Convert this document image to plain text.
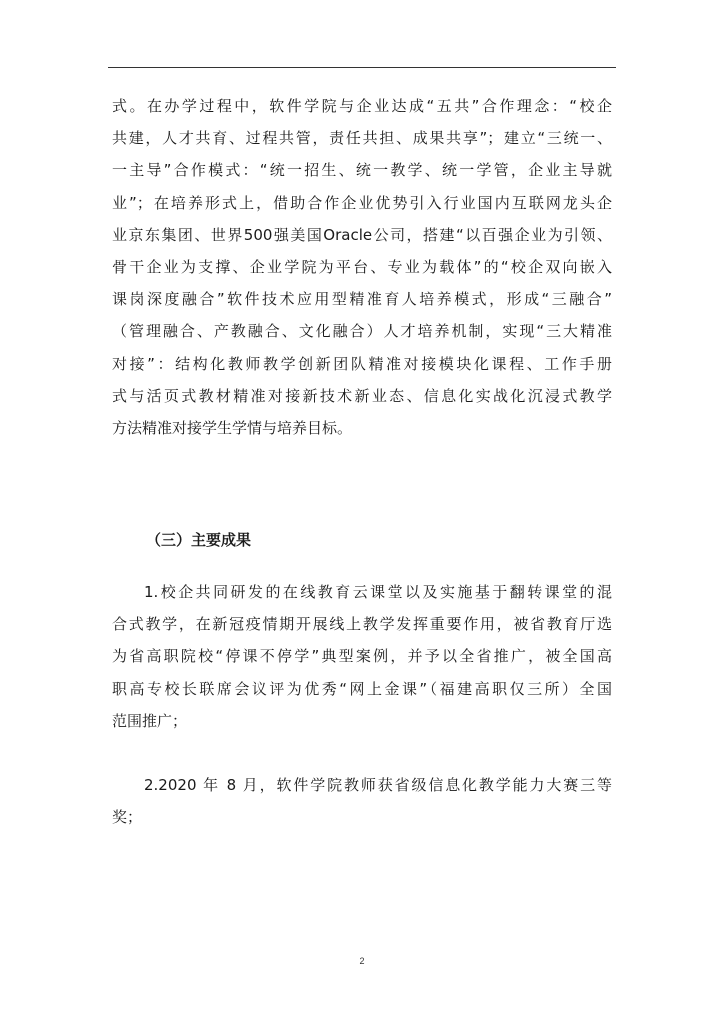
式。在办学过程中，软件学院与企业达成“五共”合作理念：“校企
共建，人才共育、过程共管，责任共担、成果共享”；建立“三统一、
一主导”合作模式：“统一招生、统一教学、统一学管，企业主导就
业”；在培养形式上，借助合作企业优势引入行业国内互联网龙头企
业京东集团、世界500强美国Oracle公司，搭建“以百强企业为引领、
骨干企业为支撑、企业学院为平台、专业为载体”的“校企双向嵌入
课岗深度融合”软件技术应用型精准育人培养模式，形成“三融合”
（管理融合、产教融合、文化融合）人才培养机制，实现“三大精准
对接”：结构化教师教学创新团队精准对接模块化课程、工作手册
式与活页式教材精准对接新技术新业态、信息化实战化沉浸式教学
方法精准对接学生学情与培养目标。
（三）主要成果
1.校企共同研发的在线教育云课堂以及实施基于翻转课堂的混
合式教学，在新冠疫情期开展线上教学发挥重要作用，被省教育厅选
为省高职院校“停课不停学”典型案例，并予以全省推广，被全国高
职高专校长联席会议评为优秀“网上金课”（福建高职仅三所）全国
范围推广；
2.2020 年 8 月，软件学院教师获省级信息化教学能力大赛三等
奖；
2
